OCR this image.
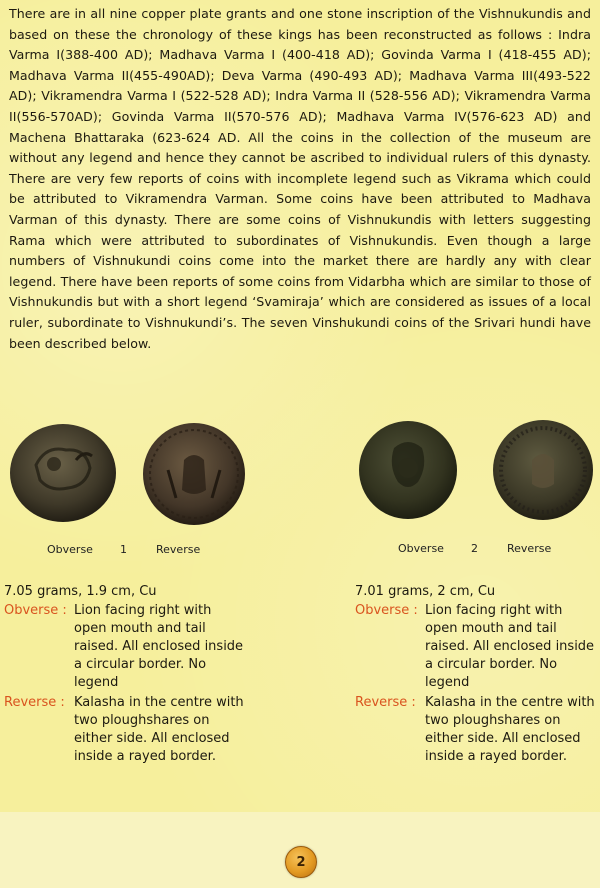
There are in all nine copper plate grants and one stone inscription of the Vishnukundis and based on these the chronology of these kings has been reconstructed as follows : Indra Varma I(388-400 AD); Madhava Varma I (400-418 AD); Govinda Varma I (418-455 AD); Madhava Varma II(455-490AD); Deva Varma (490-493 AD); Madhava Varma III(493-522 AD); Vikramendra Varma I (522-528 AD); Indra Varma II (528-556 AD); Vikramendra Varma II(556-570AD); Govinda Varma II(570-576 AD); Madhava Varma IV(576-623 AD) and Machena Bhattaraka (623-624 AD. All the coins in the collection of the museum are without any legend and hence they cannot be ascribed to individual rulers of this dynasty. There are very few reports of coins with incomplete legend such as Vikrama which could be attributed to Vikramendra Varman. Some coins have been attributed to Madhava Varman of this dynasty. There are some coins of Vishnukundis with letters suggesting Rama which were attributed to subordinates of Vishnukundis. Even though a large numbers of Vishnukundi coins come into the market there are hardly any with clear legend. There have been reports of some coins from Vidarbha which are similar to those of Vishnukundis but with a short legend ‘Svamiraja’ which are considered as issues of a local ruler, subordinate to Vishnukundi’s. The seven Vinshukundi coins of the Srivari hundi have been described below.

Obverse 1	Reverse	Obverse 2	Reverse
7.05 grams, 1.9 cm, Cu
Obverse : Lion facing right with open mouth and tail raised. All enclosed inside a circular border. No legend
Reverse : Kalasha in the centre with two ploughshares on either side. All enclosed inside a rayed border.
7.01 grams, 2 cm, Cu
Obverse : Lion facing right with open mouth and tail raised. All enclosed inside a circular border. No legend
Reverse : Kalasha in the centre with two ploughshares on either side. All enclosed inside a rayed border.
2
